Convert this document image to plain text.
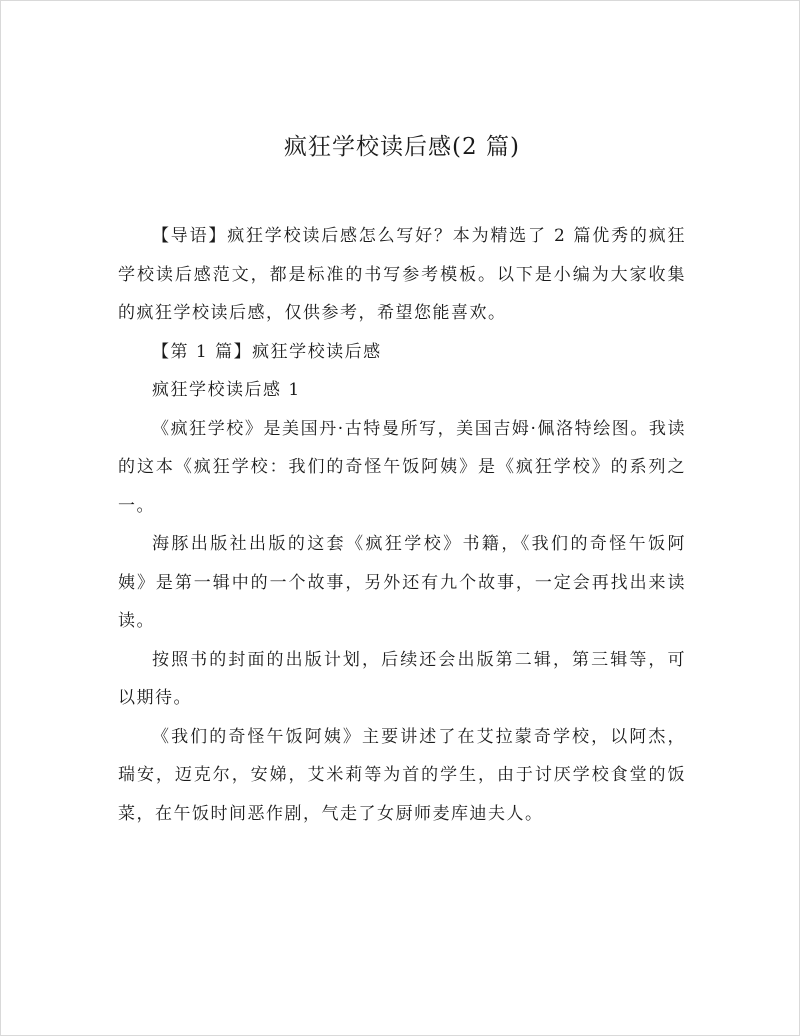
疯狂学校读后感(2 篇)

【导语】疯狂学校读后感怎么写好？本为精选了 2 篇优秀的疯狂学校读后感范文，都是标准的书写参考模板。以下是小编为大家收集的疯狂学校读后感，仅供参考，希望您能喜欢。

【第 1 篇】疯狂学校读后感

疯狂学校读后感 1

《疯狂学校》是美国丹·古特曼所写，美国吉姆·佩洛特绘图。我读的这本《疯狂学校：我们的奇怪午饭阿姨》是《疯狂学校》的系列之一。

海豚出版社出版的这套《疯狂学校》书籍，《我们的奇怪午饭阿姨》是第一辑中的一个故事，另外还有九个故事，一定会再找出来读读。

按照书的封面的出版计划，后续还会出版第二辑，第三辑等，可以期待。

《我们的奇怪午饭阿姨》主要讲述了在艾拉蒙奇学校，以阿杰，瑞安，迈克尔，安娣，艾米莉等为首的学生，由于讨厌学校食堂的饭菜，在午饭时间恶作剧，气走了女厨师麦库迪夫人。
